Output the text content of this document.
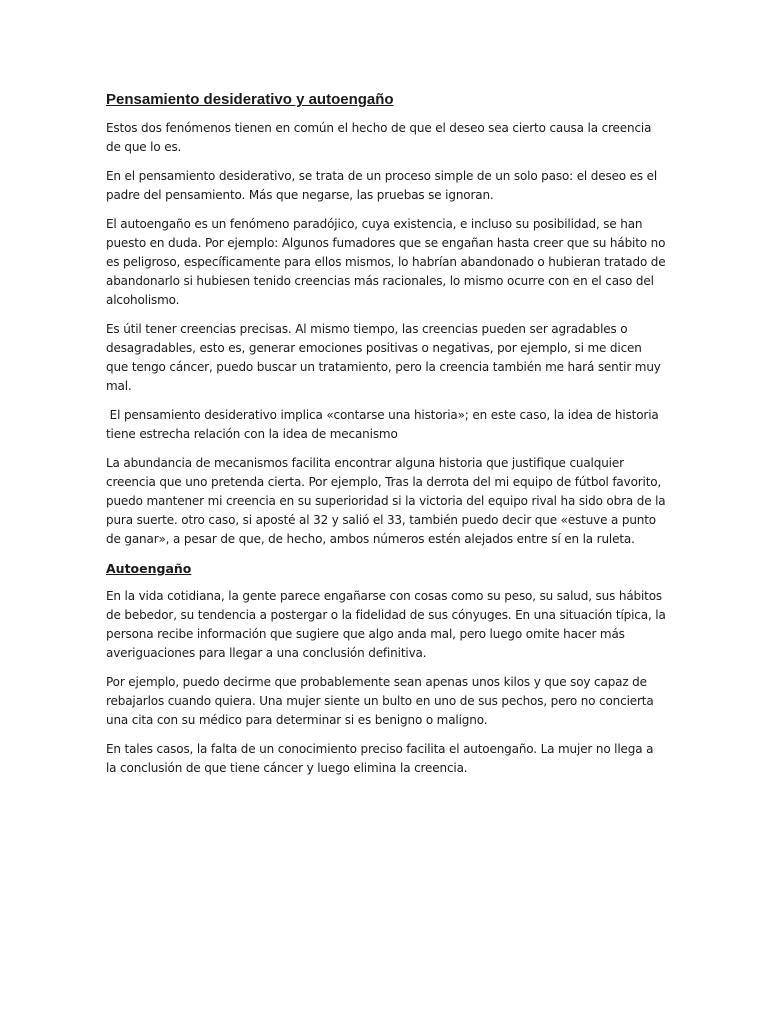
Pensamiento desiderativo y autoengaño

Estos dos fenómenos tienen en común el hecho de que el deseo sea cierto causa la creencia de que lo es.

En el pensamiento desiderativo, se trata de un proceso simple de un solo paso: el deseo es el padre del pensamiento. Más que negarse, las pruebas se ignoran.

El autoengaño es un fenómeno paradójico, cuya existencia, e incluso su posibilidad, se han puesto en duda. Por ejemplo: Algunos fumadores que se engañan hasta creer que su hábito no es peligroso, específicamente para ellos mismos, lo habrían abandonado o hubieran tratado de abandonarlo si hubiesen tenido creencias más racionales, lo mismo ocurre con en el caso del alcoholismo.

Es útil tener creencias precisas. Al mismo tiempo, las creencias pueden ser agradables o desagradables, esto es, generar emociones positivas o negativas, por ejemplo, si me dicen que tengo cáncer, puedo buscar un tratamiento, pero la creencia también me hará sentir muy mal.

El pensamiento desiderativo implica «contarse una historia»; en este caso, la idea de historia tiene estrecha relación con la idea de mecanismo

La abundancia de mecanismos facilita encontrar alguna historia que justifique cualquier creencia que uno pretenda cierta. Por ejemplo, Tras la derrota del mi equipo de fútbol favorito, puedo mantener mi creencia en su superioridad si la victoria del equipo rival ha sido obra de la pura suerte. otro caso, si aposté al 32 y salió el 33, también puedo decir que «estuve a punto de ganar», a pesar de que, de hecho, ambos números estén alejados entre sí en la ruleta.

Autoengaño

En la vida cotidiana, la gente parece engañarse con cosas como su peso, su salud, sus hábitos de bebedor, su tendencia a postergar o la fidelidad de sus cónyuges. En una situación típica, la persona recibe información que sugiere que algo anda mal, pero luego omite hacer más averiguaciones para llegar a una conclusión definitiva.

Por ejemplo, puedo decirme que probablemente sean apenas unos kilos y que soy capaz de rebajarlos cuando quiera. Una mujer siente un bulto en uno de sus pechos, pero no concierta una cita con su médico para determinar si es benigno o maligno.

En tales casos, la falta de un conocimiento preciso facilita el autoengaño. La mujer no llega a la conclusión de que tiene cáncer y luego elimina la creencia.
